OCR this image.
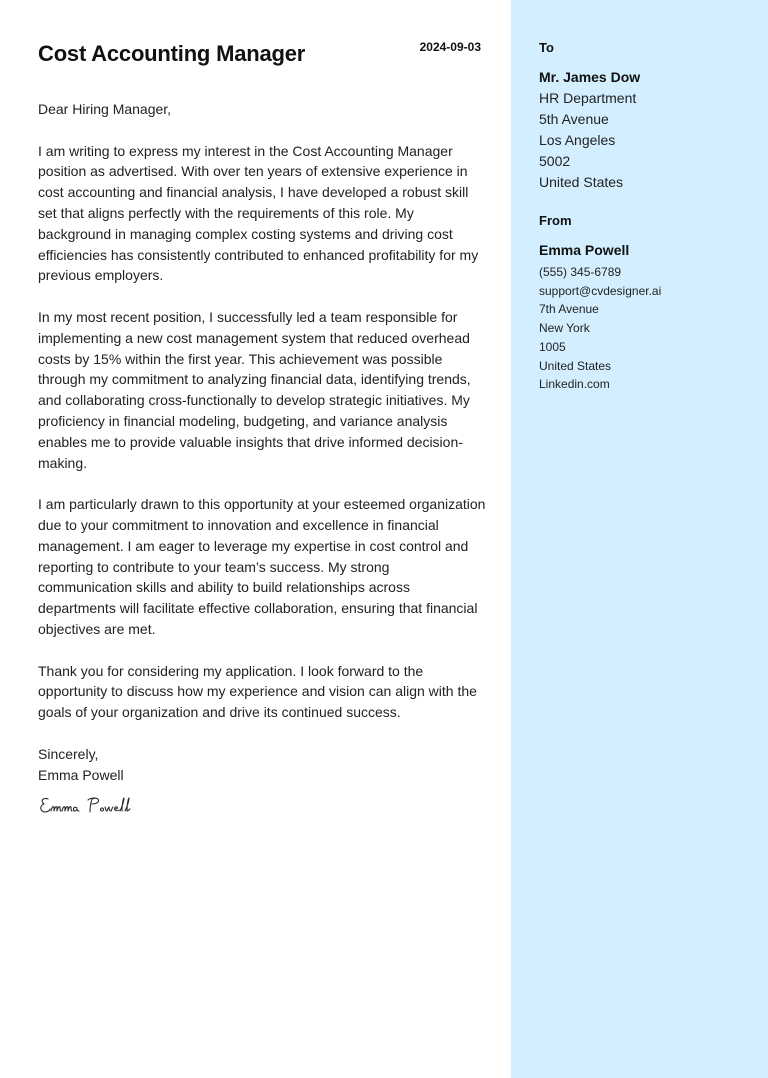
Cost Accounting Manager	2024-09-03

Dear Hiring Manager,

I am writing to express my interest in the Cost Accounting Manager position as advertised. With over ten years of extensive experience in cost accounting and financial analysis, I have developed a robust skill set that aligns perfectly with the requirements of this role. My background in managing complex costing systems and driving cost efficiencies has consistently contributed to enhanced profitability for my previous employers.

In my most recent position, I successfully led a team responsible for implementing a new cost management system that reduced overhead costs by 15% within the first year. This achievement was possible through my commitment to analyzing financial data, identifying trends, and collaborating cross-functionally to develop strategic initiatives. My proficiency in financial modeling, budgeting, and variance analysis enables me to provide valuable insights that drive informed decision-making.

I am particularly drawn to this opportunity at your esteemed organization due to your commitment to innovation and excellence in financial management. I am eager to leverage my expertise in cost control and reporting to contribute to your team’s success. My strong communication skills and ability to build relationships across departments will facilitate effective collaboration, ensuring that financial objectives are met.

Thank you for considering my application. I look forward to the opportunity to discuss how my experience and vision can align with the goals of your organization and drive its continued success.

Sincerely,

Emma Powell

To
Mr. James Dow
HR Department
5th Avenue
Los Angeles
5002
United States
From
Emma Powell
(555) 345-6789
support@cvdesigner.ai
7th Avenue
New York
1005
United States
Linkedin.com
